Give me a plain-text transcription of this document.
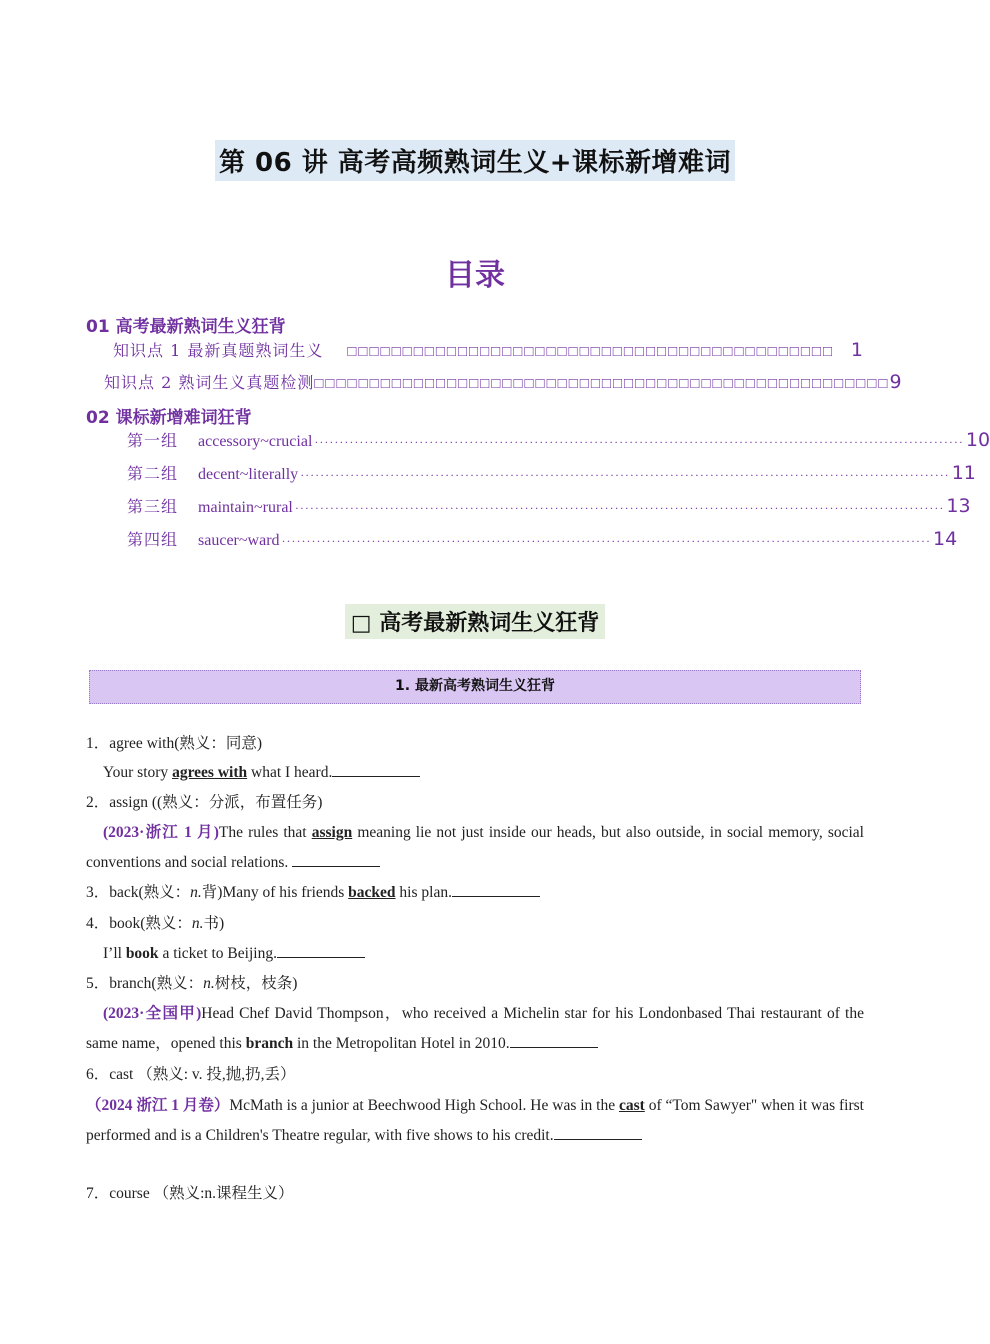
第 06 讲 高考高频熟词生义+课标新增难词
目录
01 高考最新熟词生义狂背
知识点 1 最新真题熟词生义 □□□□□□□□□□□□□□□□□□□□□□□□□□□□□□□□□□□□□□□□□□□□ 1
知识点 2 熟词生义真题检测 □□□□□□□□□□□□□□□□□□□□□□□□□□□□□□□□□□□□□□□□□□□□□□□□□□□□ 9
02 课标新增难词狂背
第一组 accessory~crucial ·································································································································· 10
第二组 decent~literally ·································································································································· 11
第三组 maintain~rural ·································································································································· 13
第四组 saucer~ward ·································································································································· 14
□ 高考最新熟词生义狂背
1. 最新高考熟词生义狂背
1．agree with(熟义：同意)
Your story agrees with what I heard.
2．assign ((熟义：分派，布置任务)
(2023·浙江 1 月)The rules that assign meaning lie not just inside our heads, but also outside, in social memory, social conventions and social relations.
3．back(熟义：n.背)Many of his friends backed his plan.
4．book(熟义：n.书)
I’ll book a ticket to Beijing.
5．branch(熟义：n.树枝，枝条)
(2023·全国甲)Head Chef David Thompson，who received a Michelin star for his Londonbased Thai restaurant of the same name，opened this branch in the Metropolitan Hotel in 2010.
6．cast （熟义: v. 投,抛,扔,丢）
（2024 浙江 1 月卷）McMath is a junior at Beechwood High School. He was in the cast of “Tom Sawyer" when it was first performed and is a Children's Theatre regular, with five shows to his credit.
7．course （熟义:n.课程生义）
